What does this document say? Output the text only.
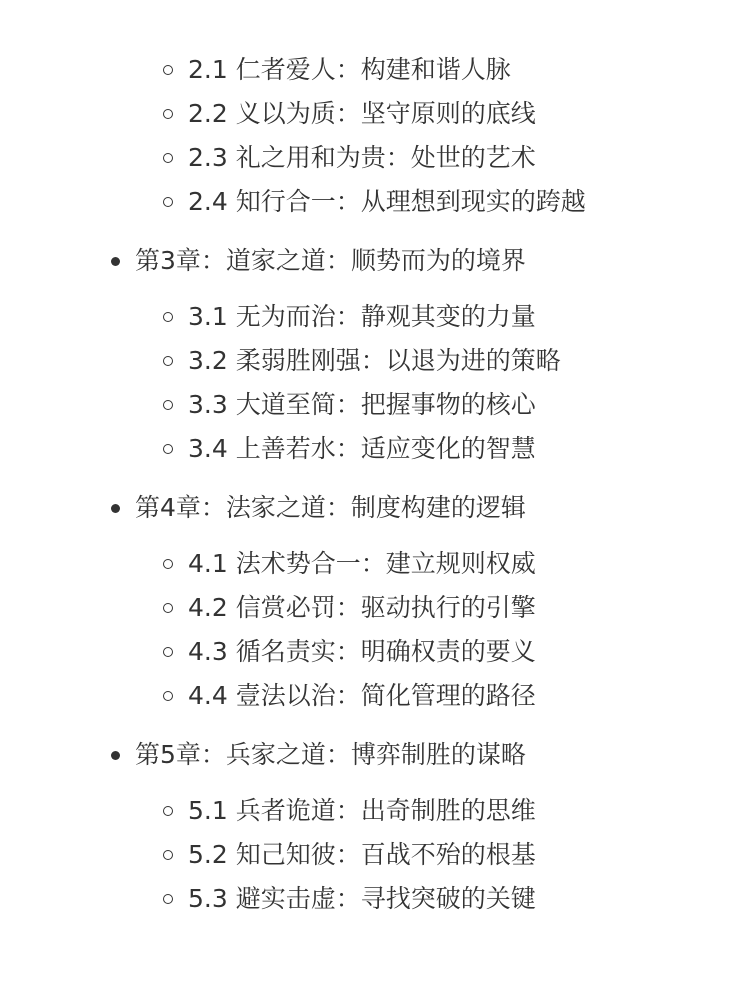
2.1 仁者爱人：构建和谐人脉
2.2 义以为质：坚守原则的底线
2.3 礼之用和为贵：处世的艺术
2.4 知行合一：从理想到现实的跨越
第3章：道家之道：顺势而为的境界
3.1 无为而治：静观其变的力量
3.2 柔弱胜刚强：以退为进的策略
3.3 大道至简：把握事物的核心
3.4 上善若水：适应变化的智慧
第4章：法家之道：制度构建的逻辑
4.1 法术势合一：建立规则权威
4.2 信赏必罚：驱动执行的引擎
4.3 循名责实：明确权责的要义
4.4 壹法以治：简化管理的路径
第5章：兵家之道：博弈制胜的谋略
5.1 兵者诡道：出奇制胜的思维
5.2 知己知彼：百战不殆的根基
5.3 避实击虚：寻找突破的关键
